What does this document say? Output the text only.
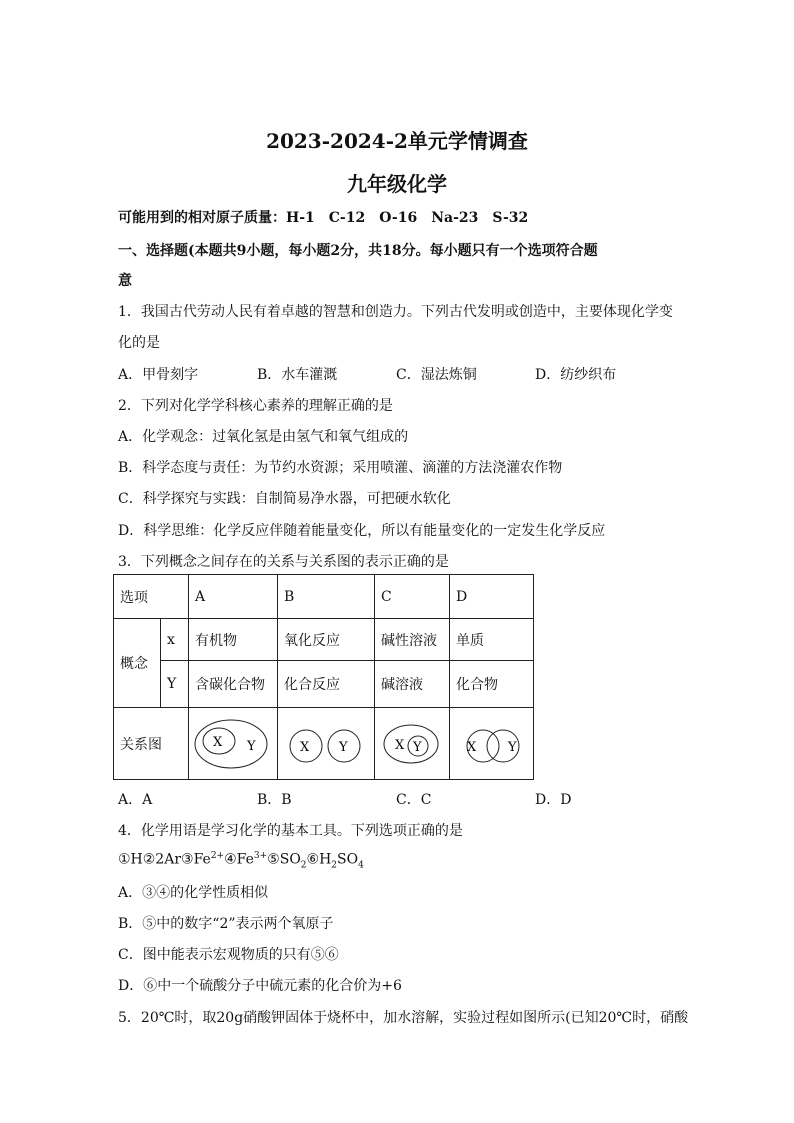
2023-2024-2单元学情调查
九年级化学
可能用到的相对原子质量：H-1　C-12　O-16　Na-23　S-32
一、选择题(本题共9小题，每小题2分，共18分。每小题只有一个选项符合题
意
1．我国古代劳动人民有着卓越的智慧和创造力。下列古代发明或创造中，主要体现化学变
化的是
A．甲骨刻字	B．水车灌溉	C．湿法炼铜	D．纺纱织布
2．下列对化学学科核心素养的理解正确的是
A．化学观念：过氧化氢是由氢气和氧气组成的
B．科学态度与责任：为节约水资源；采用喷灌、滴灌的方法浇灌农作物
C．科学探究与实践：自制简易净水器，可把硬水软化
D．科学思维：化学反应伴随着能量变化，所以有能量变化的一定发生化学反应
3．下列概念之间存在的关系与关系图的表示正确的是
选项		A	B	C	D
概念	x	有机物	氧化反应	碱性溶液	单质
	Y	含碳化合物	化合反应	碱溶液	化合物
关系图		X Y	X Y	X Y	X Y
A．A	B．B	C．C	D．D
4．化学用语是学习化学的基本工具。下列选项正确的是
$①H②2Ar③Fe^{2+}④Fe^{3+}⑤SO_2⑥H_2SO_4$
A．③④的化学性质相似
B．⑤中的数字“2”表示两个氧原子
C．图中能表示宏观物质的只有⑤⑥
D．⑥中一个硫酸分子中硫元素的化合价为+6
5．20℃时，取20g硝酸钾固体于烧杯中，加水溶解，实验过程如图所示(已知20℃时，硝酸
